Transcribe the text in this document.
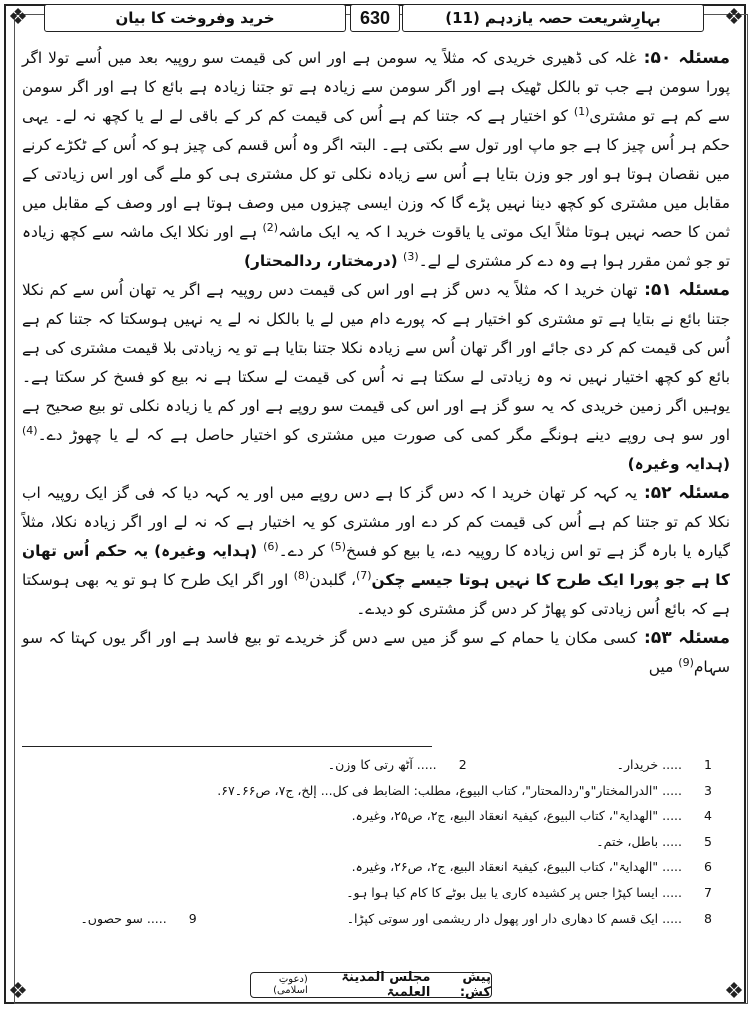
❖	❖
❖	❖
بہارِشریعت حصہ یازدہم (11)
630
خرید وفروخت کا بیان

مسئلہ ۵۰: غلہ کی ڈھیری خریدی کہ مثلاً یہ سومن ہے اور اس کی قیمت سو روپیہ بعد میں اُسے تولا اگر پورا سومن ہے جب تو بالکل ٹھیک ہے اور اگر سومن سے زیادہ ہے تو جتنا زیادہ ہے بائع کا ہے اور اگر سومن سے کم ہے تو مشتری$^{(1)}$ کو اختیار ہے کہ جتنا کم ہے اُس کی قیمت کم کر کے باقی لے لے یا کچھ نہ لے۔ یہی حکم ہر اُس چیز کا ہے جو ماپ اور تول سے بکتی ہے۔ البتہ اگر وہ اُس قسم کی چیز ہو کہ اُس کے ٹکڑے کرنے میں نقصان ہوتا ہو اور جو وزن بتایا ہے اُس سے زیادہ نکلی تو کل مشتری ہی کو ملے گی اور اس زیادتی کے مقابل میں مشتری کو کچھ دینا نہیں پڑے گا کہ وزن ایسی چیزوں میں وصف ہوتا ہے اور وصف کے مقابل میں ثمن کا حصہ نہیں ہوتا مثلاً ایک موتی یا یاقوت خرید ا کہ یہ ایک ماشہ$^{(2)}$ ہے اور نکلا ایک ماشہ سے کچھ زیادہ تو جو ثمن مقرر ہوا ہے وہ دے کر مشتری لے لے۔$^{(3)}$ (درمختار، ردالمحتار)

مسئلہ ۵۱: تھان خرید ا کہ مثلاً یہ دس گز ہے اور اس کی قیمت دس روپیہ ہے اگر یہ تھان اُس سے کم نکلا جتنا بائع نے بتایا ہے تو مشتری کو اختیار ہے کہ پورے دام میں لے یا بالکل نہ لے یہ نہیں ہوسکتا کہ جتنا کم ہے اُس کی قیمت کم کر دی جائے اور اگر تھان اُس سے زیادہ نکلا جتنا بتایا ہے تو یہ زیادتی بلا قیمت مشتری کی ہے بائع کو کچھ اختیار نہیں نہ وہ زیادتی لے سکتا ہے نہ اُس کی قیمت لے سکتا ہے نہ بیع کو فسخ کر سکتا ہے۔ یوہیں اگر زمین خریدی کہ یہ سو گز ہے اور اس کی قیمت سو روپے ہے اور کم یا زیادہ نکلی تو بیع صحیح ہے اور سو ہی روپے دینے ہونگے مگر کمی کی صورت میں مشتری کو اختیار حاصل ہے کہ لے یا چھوڑ دے۔$^{(4)}$ (ہدایہ وغیرہ)

مسئلہ ۵۲: یہ کہہ کر تھان خرید ا کہ دس گز کا ہے دس روپے میں اور یہ کہہ دیا کہ فی گز ایک روپیہ اب نکلا کم تو جتنا کم ہے اُس کی قیمت کم کر دے اور مشتری کو یہ اختیار ہے کہ نہ لے اور اگر زیادہ نکلا، مثلاً گیارہ یا بارہ گز ہے تو اس زیادہ کا روپیہ دے، یا بیع کو فسخ$^{(5)}$ کر دے۔$^{(6)}$ (ہدایہ وغیرہ) یہ حکم اُس تھان کا ہے جو پورا ایک طرح کا نہیں ہوتا جیسے چکن$^{(7)}$، گلبدن$^{(8)}$ اور اگر ایک طرح کا ہو تو یہ بھی ہوسکتا ہے کہ بائع اُس زیادتی کو پھاڑ کر دس گز مشتری کو دیدے۔

مسئلہ ۵۳: کسی مکان یا حمام کے سو گز میں سے دس گز خریدے تو بیع فاسد ہے اور اگر یوں کہتا کہ سو سہام$^{(9)}$ میں

1..... خریدار۔2..... آٹھ رتی کا وزن۔
3..... "الدرالمختار"و"ردالمحتار"، کتاب البیوع، مطلب: الضابط فی کل... إلخ، ج۷، ص۶۶۔۶۷.
4..... "الھدایۃ"، کتاب البیوع، کیفیۃ انعقاد البیع، ج۲، ص۲۵، وغیرہ.
5..... باطل، ختم۔
6..... "الھدایۃ"، کتاب البیوع، کیفیۃ انعقاد البیع، ج۲، ص۲۶، وغیرہ.
7..... ایسا کپڑا جس پر کشیدہ کاری یا بیل بوٹے کا کام کیا ہوا ہو۔
8..... ایک قسم کا دھاری دار اور پھول دار ریشمی اور سوتی کپڑا۔9..... سو حصوں۔
پیش کش:
مجلس المدینۃ العلمیۃ
(دعوتِ اسلامی)
